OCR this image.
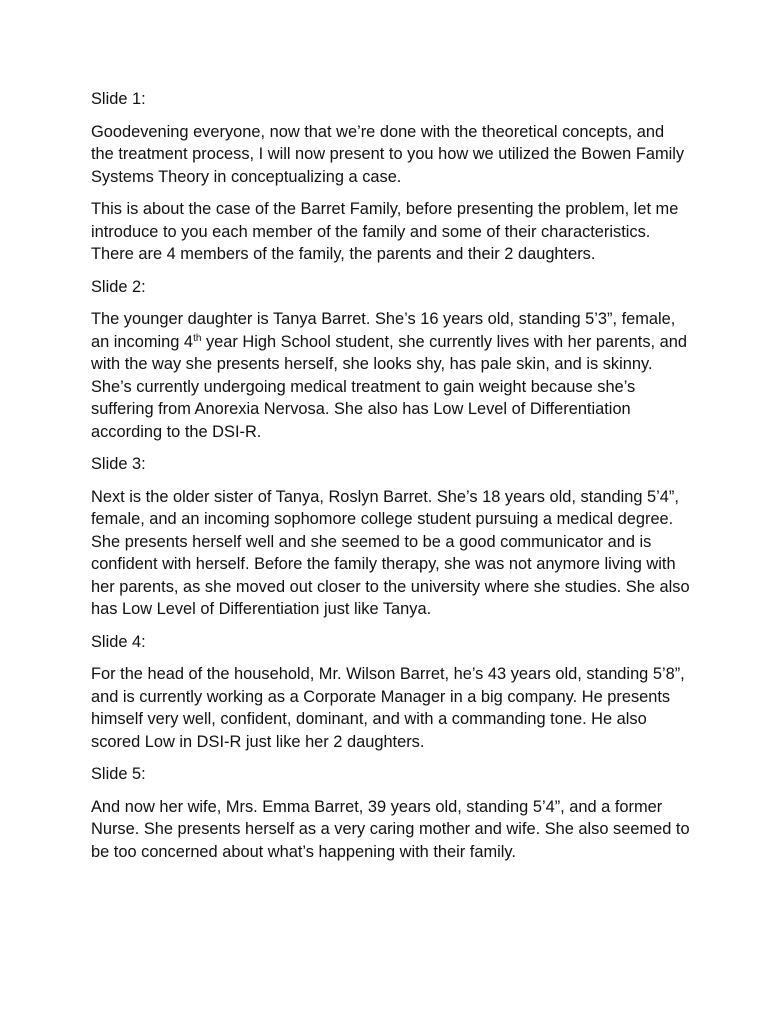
Slide 1:

Goodevening everyone, now that we’re done with the theoretical concepts, and the treatment process, I will now present to you how we utilized the Bowen Family Systems Theory in conceptualizing a case.

This is about the case of the Barret Family, before presenting the problem, let me introduce to you each member of the family and some of their characteristics. There are 4 members of the family, the parents and their 2 daughters.

Slide 2:

The younger daughter is Tanya Barret. She’s 16 years old, standing 5’3”, female, an incoming 4th year High School student, she currently lives with her parents, and with the way she presents herself, she looks shy, has pale skin, and is skinny. She’s currently undergoing medical treatment to gain weight because she’s suffering from Anorexia Nervosa. She also has Low Level of Differentiation according to the DSI-R.

Slide 3:

Next is the older sister of Tanya, Roslyn Barret. She’s 18 years old, standing 5’4”, female, and an incoming sophomore college student pursuing a medical degree. She presents herself well and she seemed to be a good communicator and is confident with herself. Before the family therapy, she was not anymore living with her parents, as she moved out closer to the university where she studies. She also has Low Level of Differentiation just like Tanya.

Slide 4:

For the head of the household, Mr. Wilson Barret, he’s 43 years old, standing 5’8”, and is currently working as a Corporate Manager in a big company. He presents himself very well, confident, dominant, and with a commanding tone. He also scored Low in DSI-R just like her 2 daughters.

Slide 5:

And now her wife, Mrs. Emma Barret, 39 years old, standing 5’4”, and a former Nurse. She presents herself as a very caring mother and wife. She also seemed to be too concerned about what’s happening with their family.
